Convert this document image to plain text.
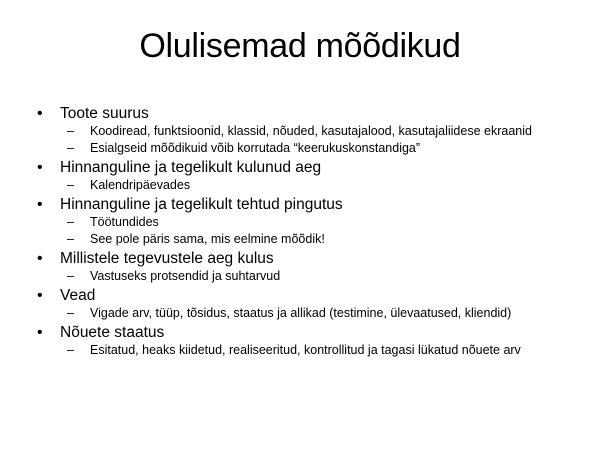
Olulisemad mõõdikud
• Toote suurus
– Koodiread, funktsioonid, klassid, nõuded, kasutajalood, kasutajaliidese ekraanid
– Esialgseid mõõdikuid võib korrutada “keerukuskonstandiga”
• Hinnanguline ja tegelikult kulunud aeg
– Kalendripäevades
• Hinnanguline ja tegelikult tehtud pingutus
– Töötundides
– See pole päris sama, mis eelmine mõõdik!
• Millistele tegevustele aeg kulus
– Vastuseks protsendid ja suhtarvud
• Vead
– Vigade arv, tüüp, tõsidus, staatus ja allikad (testimine, ülevaatused, kliendid)
• Nõuete staatus
– Esitatud, heaks kiidetud, realiseeritud, kontrollitud ja tagasi lükatud nõuete arv
